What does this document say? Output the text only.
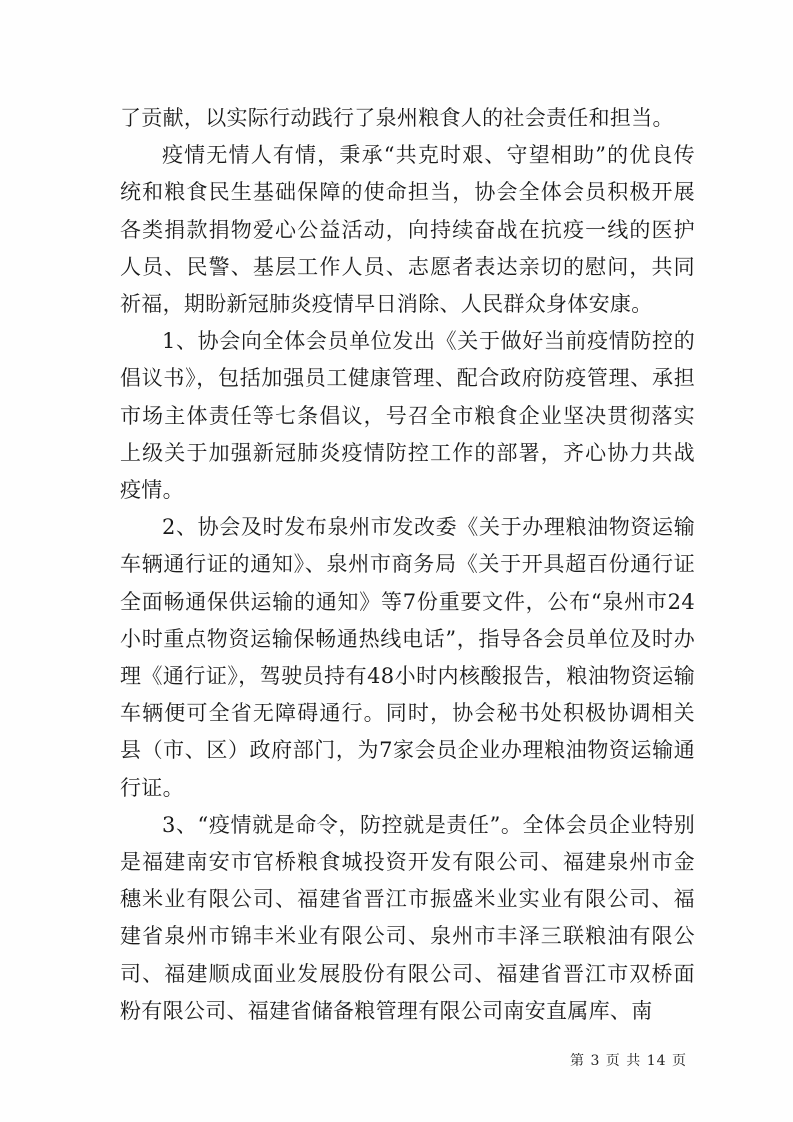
了贡献，以实际行动践行了泉州粮食人的社会责任和担当。

疫情无情人有情，秉承“共克时艰、守望相助”的优良传统和粮食民生基础保障的使命担当，协会全体会员积极开展各类捐款捐物爱心公益活动，向持续奋战在抗疫一线的医护人员、民警、基层工作人员、志愿者表达亲切的慰问，共同祈福，期盼新冠肺炎疫情早日消除、人民群众身体安康。

1、协会向全体会员单位发出《关于做好当前疫情防控的倡议书》，包括加强员工健康管理、配合政府防疫管理、承担市场主体责任等七条倡议，号召全市粮食企业坚决贯彻落实上级关于加强新冠肺炎疫情防控工作的部署，齐心协力共战疫情。

2、协会及时发布泉州市发改委《关于办理粮油物资运输车辆通行证的通知》、泉州市商务局《关于开具超百份通行证全面畅通保供运输的通知》等7份重要文件，公布“泉州市24小时重点物资运输保畅通热线电话”，指导各会员单位及时办理《通行证》，驾驶员持有48小时内核酸报告，粮油物资运输车辆便可全省无障碍通行。同时，协会秘书处积极协调相关县（市、区）政府部门，为7家会员企业办理粮油物资运输通行证。

3、“疫情就是命令，防控就是责任”。全体会员企业特别是福建南安市官桥粮食城投资开发有限公司、福建泉州市金穗米业有限公司、福建省晋江市振盛米业实业有限公司、福建省泉州市锦丰米业有限公司、泉州市丰泽三联粮油有限公司、福建顺成面业发展股份有限公司、福建省晋江市双桥面粉有限公司、福建省储备粮管理有限公司南安直属库、南

第 3 页 共 14 页
